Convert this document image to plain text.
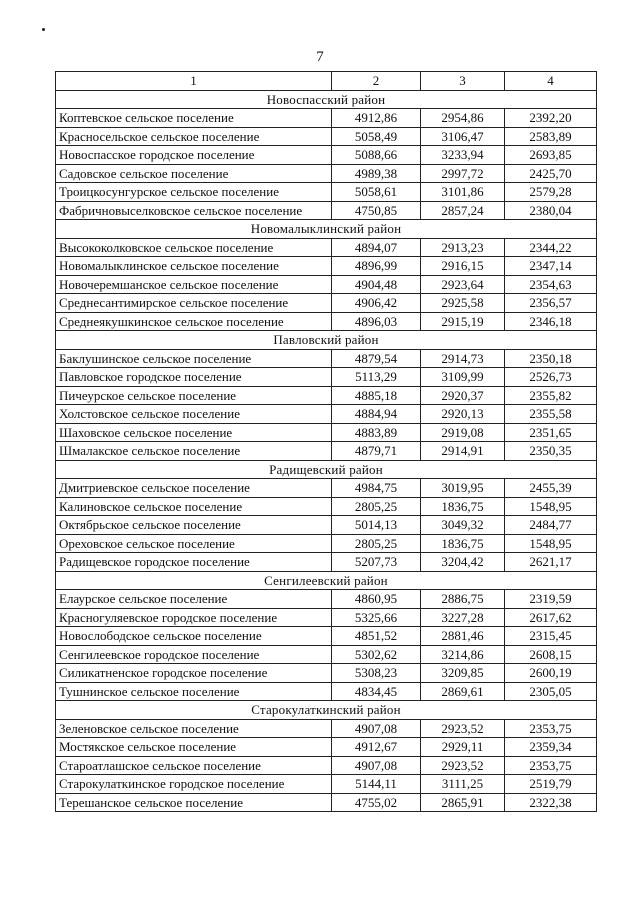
7
1	2	3	4
Новоспасский район			
Коптевское сельское поселение	4912,86	2954,86	2392,20
Красносельское сельское поселение	5058,49	3106,47	2583,89
Новоспасское городское поселение	5088,66	3233,94	2693,85
Садовское сельское поселение	4989,38	2997,72	2425,70
Троицкосунгурское сельское поселение	5058,61	3101,86	2579,28
Фабричновыселковское сельское поселение	4750,85	2857,24	2380,04
Новомалыклинский район			
Высококолковское сельское поселение	4894,07	2913,23	2344,22
Новомалыклинское сельское поселение	4896,99	2916,15	2347,14
Новочеремшанское сельское поселение	4904,48	2923,64	2354,63
Среднесантимирское сельское поселение	4906,42	2925,58	2356,57
Среднеякушкинское сельское поселение	4896,03	2915,19	2346,18
Павловский район			
Баклушинское сельское поселение	4879,54	2914,73	2350,18
Павловское городское поселение	5113,29	3109,99	2526,73
Пичеурское сельское поселение	4885,18	2920,37	2355,82
Холстовское сельское поселение	4884,94	2920,13	2355,58
Шаховское сельское поселение	4883,89	2919,08	2351,65
Шмалакское сельское поселение	4879,71	2914,91	2350,35
Радищевский район			
Дмитриевское сельское поселение	4984,75	3019,95	2455,39
Калиновское сельское поселение	2805,25	1836,75	1548,95
Октябрьское сельское поселение	5014,13	3049,32	2484,77
Ореховское сельское поселение	2805,25	1836,75	1548,95
Радищевское городское поселение	5207,73	3204,42	2621,17
Сенгилеевский район			
Елаурское сельское поселение	4860,95	2886,75	2319,59
Красногуляевское городское поселение	5325,66	3227,28	2617,62
Новослободское сельское поселение	4851,52	2881,46	2315,45
Сенгилеевское городское поселение	5302,62	3214,86	2608,15
Силикатненское городское поселение	5308,23	3209,85	2600,19
Тушнинское сельское поселение	4834,45	2869,61	2305,05
Старокулаткинский район			
Зеленовское сельское поселение	4907,08	2923,52	2353,75
Мостякское сельское поселение	4912,67	2929,11	2359,34
Староатлашское сельское поселение	4907,08	2923,52	2353,75
Старокулаткинское городское поселение	5144,11	3111,25	2519,79
Терешанское сельское поселение	4755,02	2865,91	2322,38
